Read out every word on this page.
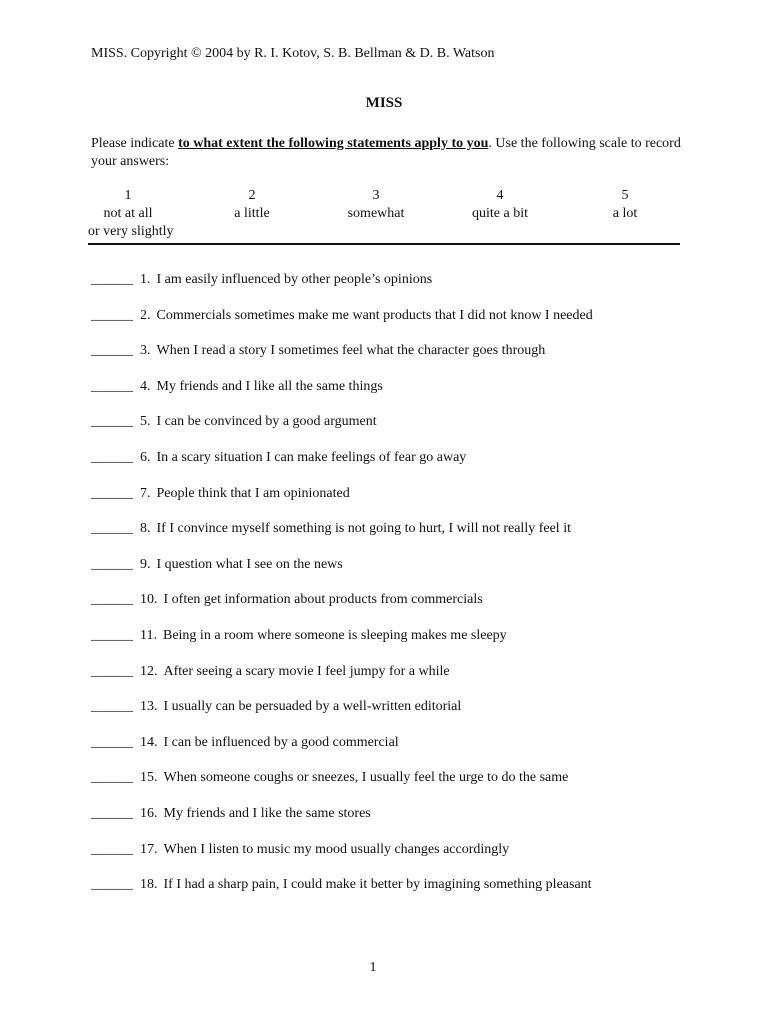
MISS. Copyright © 2004 by R. I. Kotov, S. B. Bellman & D. B. Watson
MISS
Please indicate to what extent the following statements apply to you. Use the following scale to record your answers:
1
not at all
or very slightly
2
a little
3
somewhat
4
quite a bit
5
a lot
______ 1. I am easily influenced by other people’s opinions
______ 2. Commercials sometimes make me want products that I did not know I needed
______ 3. When I read a story I sometimes feel what the character goes through
______ 4. My friends and I like all the same things
______ 5. I can be convinced by a good argument
______ 6. In a scary situation I can make feelings of fear go away
______ 7. People think that I am opinionated
______ 8. If I convince myself something is not going to hurt, I will not really feel it
______ 9. I question what I see on the news
______ 10. I often get information about products from commercials
______ 11. Being in a room where someone is sleeping makes me sleepy
______ 12. After seeing a scary movie I feel jumpy for a while
______ 13. I usually can be persuaded by a well-written editorial
______ 14. I can be influenced by a good commercial
______ 15. When someone coughs or sneezes, I usually feel the urge to do the same
______ 16. My friends and I like the same stores
______ 17. When I listen to music my mood usually changes accordingly
______ 18. If I had a sharp pain, I could make it better by imagining something pleasant
1
